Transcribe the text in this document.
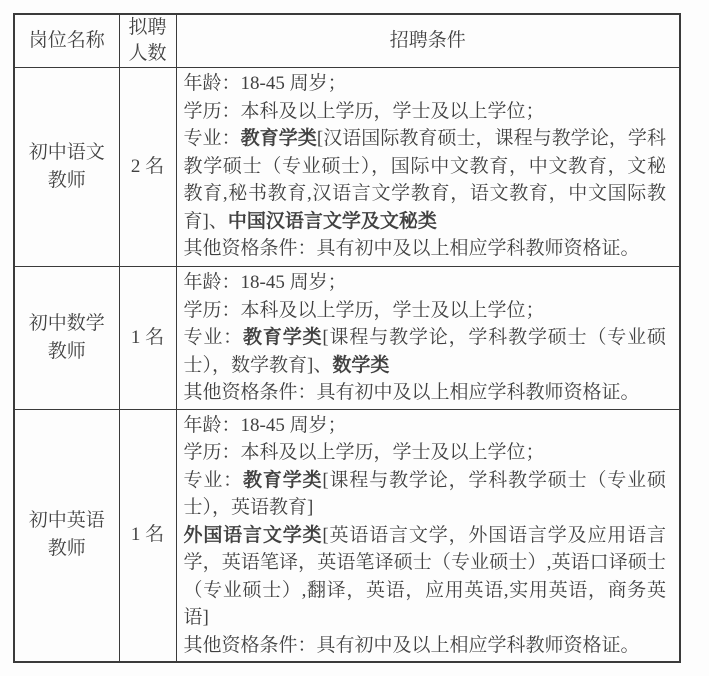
岗位名称	拟聘人数	招聘条件
初中语文教师	2 名	年龄：18-45 周岁；

学历：本科及以上学历，学士及以上学位；

专业：教育学类[汉语国际教育硕士，课程与教学论，学科教学硕士（专业硕士），国际中文教育，中文教育，文秘教育,秘书教育,汉语言文学教育，语文教育，中文国际教育]、中国汉语言文学及文秘类

其他资格条件：具有初中及以上相应学科教师资格证。

初中数学教师	1 名	年龄：18-45 周岁；

学历：本科及以上学历，学士及以上学位；

专业：教育学类[课程与教学论，学科教学硕士（专业硕士），数学教育]、数学类

其他资格条件：具有初中及以上相应学科教师资格证。

初中英语教师	1 名	年龄：18-45 周岁；

学历：本科及以上学历，学士及以上学位；

专业：教育学类[课程与教学论，学科教学硕士（专业硕士），英语教育]

外国语言文学类[英语语言文学，外国语言学及应用语言学，英语笔译，英语笔译硕士（专业硕士）,英语口译硕士（专业硕士）,翻译，英语，应用英语,实用英语，商务英语]

其他资格条件：具有初中及以上相应学科教师资格证。
